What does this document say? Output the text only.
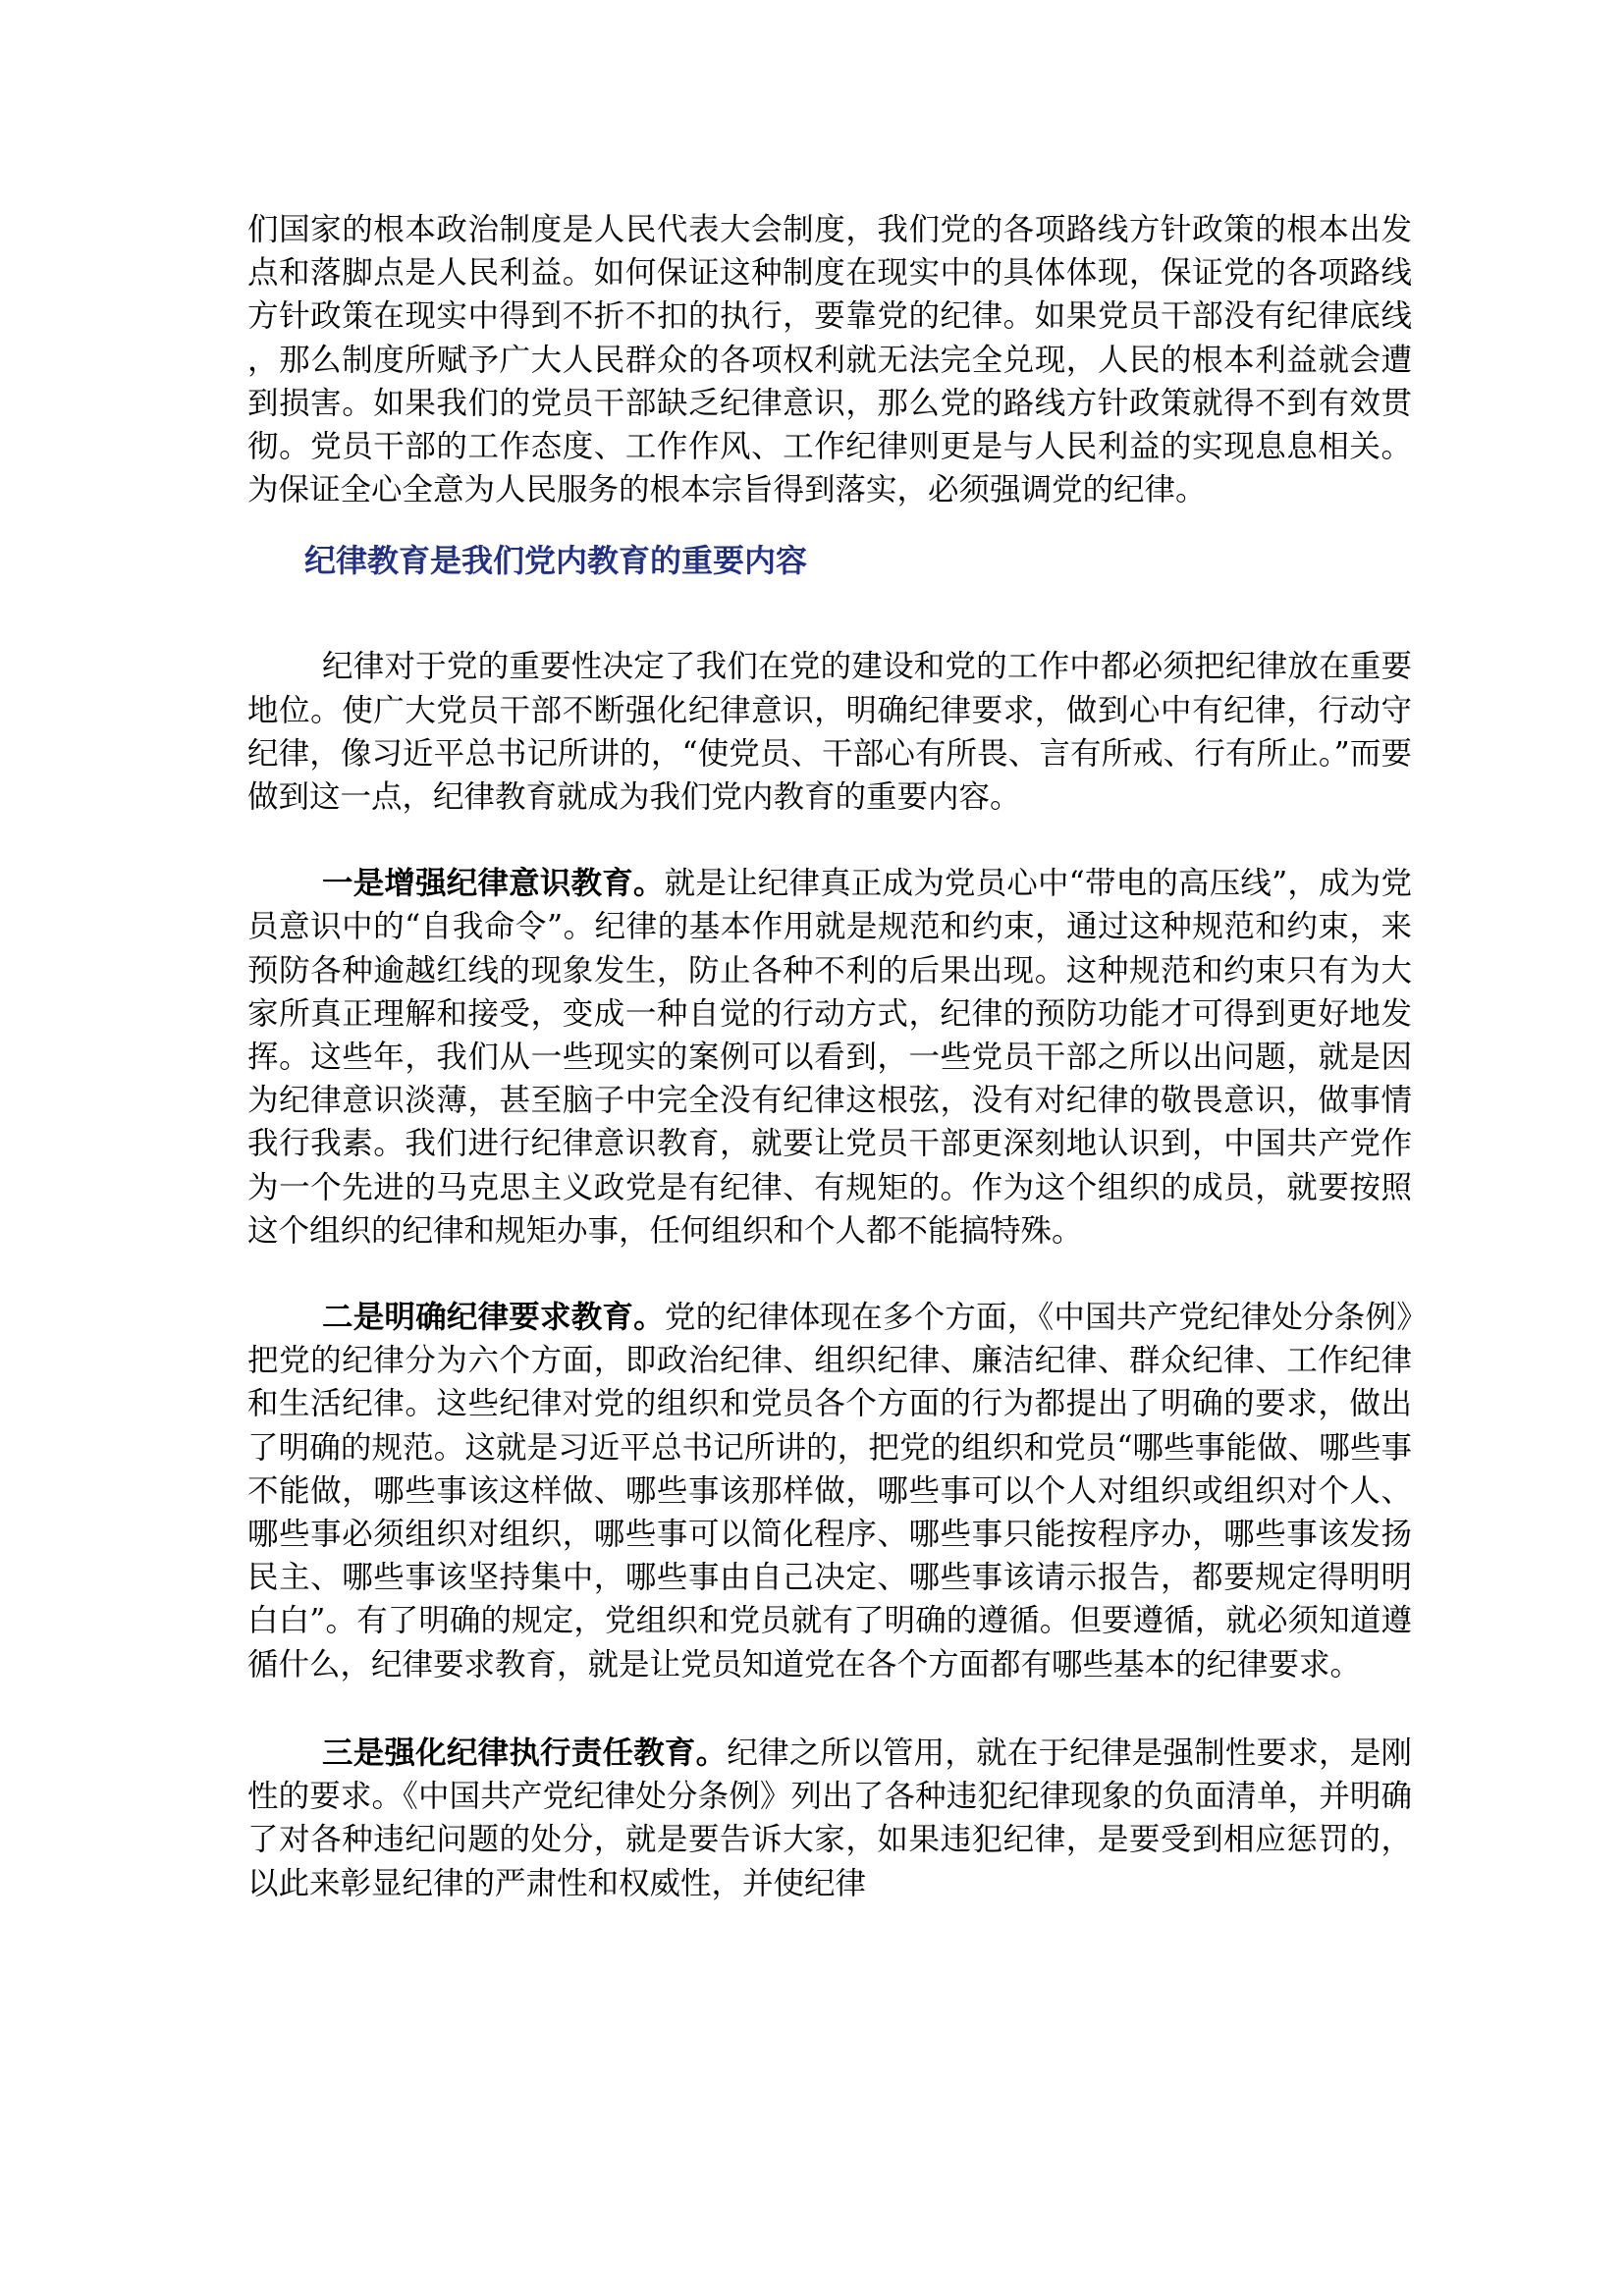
们国家的根本政治制度是人民代表大会制度，我们党的各项路线方针政策的根本出发点和落脚点是人民利益。如何保证这种制度在现实中的具体体现，保证党的各项路线方针政策在现实中得到不折不扣的执行，要靠党的纪律。如果党员干部没有纪律底线，那么制度所赋予广大人民群众的各项权利就无法完全兑现，人民的根本利益就会遭到损害。如果我们的党员干部缺乏纪律意识，那么党的路线方针政策就得不到有效贯彻。党员干部的工作态度、工作作风、工作纪律则更是与人民利益的实现息息相关。为保证全心全意为人民服务的根本宗旨得到落实，必须强调党的纪律。

纪律教育是我们党内教育的重要内容

纪律对于党的重要性决定了我们在党的建设和党的工作中都必须把纪律放在重要地位。使广大党员干部不断强化纪律意识，明确纪律要求，做到心中有纪律，行动守纪律，像习近平总书记所讲的，“使党员、干部心有所畏、言有所戒、行有所止。”而要做到这一点，纪律教育就成为我们党内教育的重要内容。

一是增强纪律意识教育。就是让纪律真正成为党员心中“带电的高压线”，成为党员意识中的“自我命令”。纪律的基本作用就是规范和约束，通过这种规范和约束，来预防各种逾越红线的现象发生，防止各种不利的后果出现。这种规范和约束只有为大家所真正理解和接受，变成一种自觉的行动方式，纪律的预防功能才可得到更好地发挥。这些年，我们从一些现实的案例可以看到，一些党员干部之所以出问题，就是因为纪律意识淡薄，甚至脑子中完全没有纪律这根弦，没有对纪律的敬畏意识，做事情我行我素。我们进行纪律意识教育，就要让党员干部更深刻地认识到，中国共产党作为一个先进的马克思主义政党是有纪律、有规矩的。作为这个组织的成员，就要按照这个组织的纪律和规矩办事，任何组织和个人都不能搞特殊。

二是明确纪律要求教育。党的纪律体现在多个方面，《中国共产党纪律处分条例》把党的纪律分为六个方面，即政治纪律、组织纪律、廉洁纪律、群众纪律、工作纪律和生活纪律。这些纪律对党的组织和党员各个方面的行为都提出了明确的要求，做出了明确的规范。这就是习近平总书记所讲的，把党的组织和党员“哪些事能做、哪些事不能做，哪些事该这样做、哪些事该那样做，哪些事可以个人对组织或组织对个人、哪些事必须组织对组织，哪些事可以简化程序、哪些事只能按程序办，哪些事该发扬民主、哪些事该坚持集中，哪些事由自己决定、哪些事该请示报告，都要规定得明明白白”。有了明确的规定，党组织和党员就有了明确的遵循。但要遵循，就必须知道遵循什么，纪律要求教育，就是让党员知道党在各个方面都有哪些基本的纪律要求。

三是强化纪律执行责任教育。纪律之所以管用，就在于纪律是强制性要求，是刚性的要求。《中国共产党纪律处分条例》列出了各种违犯纪律现象的负面清单，并明确了对各种违纪问题的处分，就是要告诉大家，如果违犯纪律，是要受到相应惩罚的，以此来彰显纪律的严肃性和权威性，并使纪律
